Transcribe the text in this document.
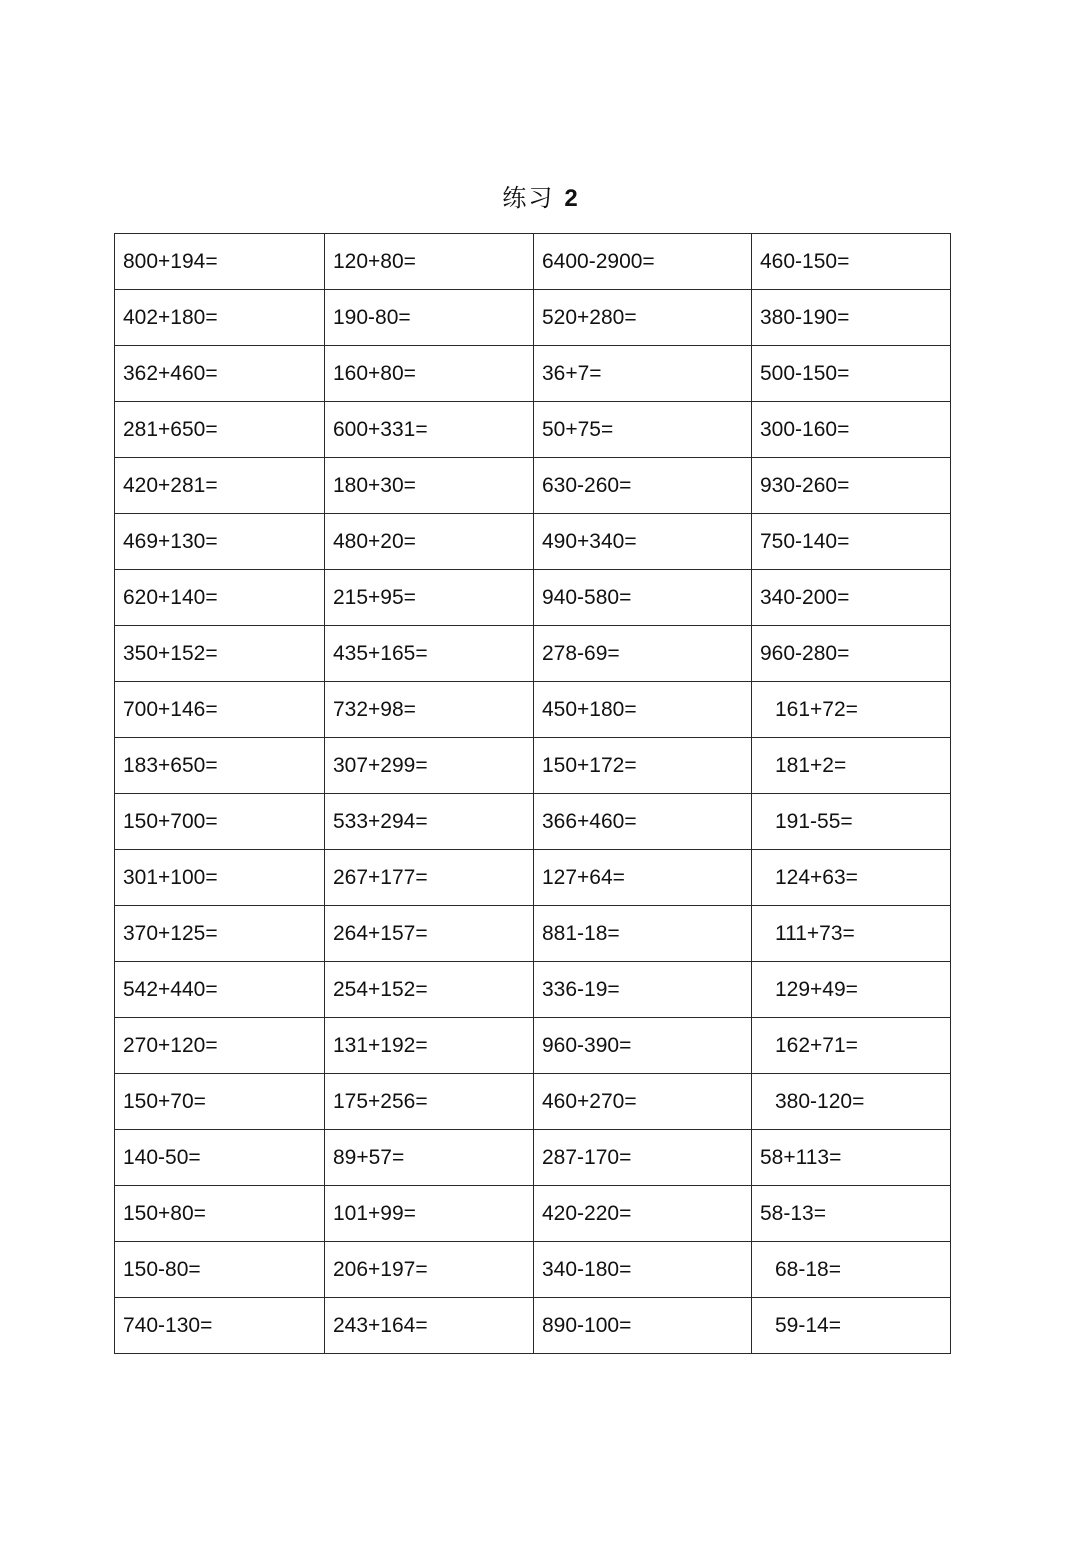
练习 2
800+194=	120+80=	6400-2900=	460-150=
402+180=	190-80=	520+280=	380-190=
362+460=	160+80=	36+7=	500-150=
281+650=	600+331=	50+75=	300-160=
420+281=	180+30=	630-260=	930-260=
469+130=	480+20=	490+340=	750-140=
620+140=	215+95=	940-580=	340-200=
350+152=	435+165=	278-69=	960-280=
700+146=	732+98=	450+180=	161+72=
183+650=	307+299=	150+172=	181+2=
150+700=	533+294=	366+460=	191-55=
301+100=	267+177=	127+64=	124+63=
370+125=	264+157=	881-18=	111+73=
542+440=	254+152=	336-19=	129+49=
270+120=	131+192=	960-390=	162+71=
150+70=	175+256=	460+270=	380-120=
140-50=	89+57=	287-170=	58+113=
150+80=	101+99=	420-220=	58-13=
150-80=	206+197=	340-180=	68-18=
740-130=	243+164=	890-100=	59-14=
